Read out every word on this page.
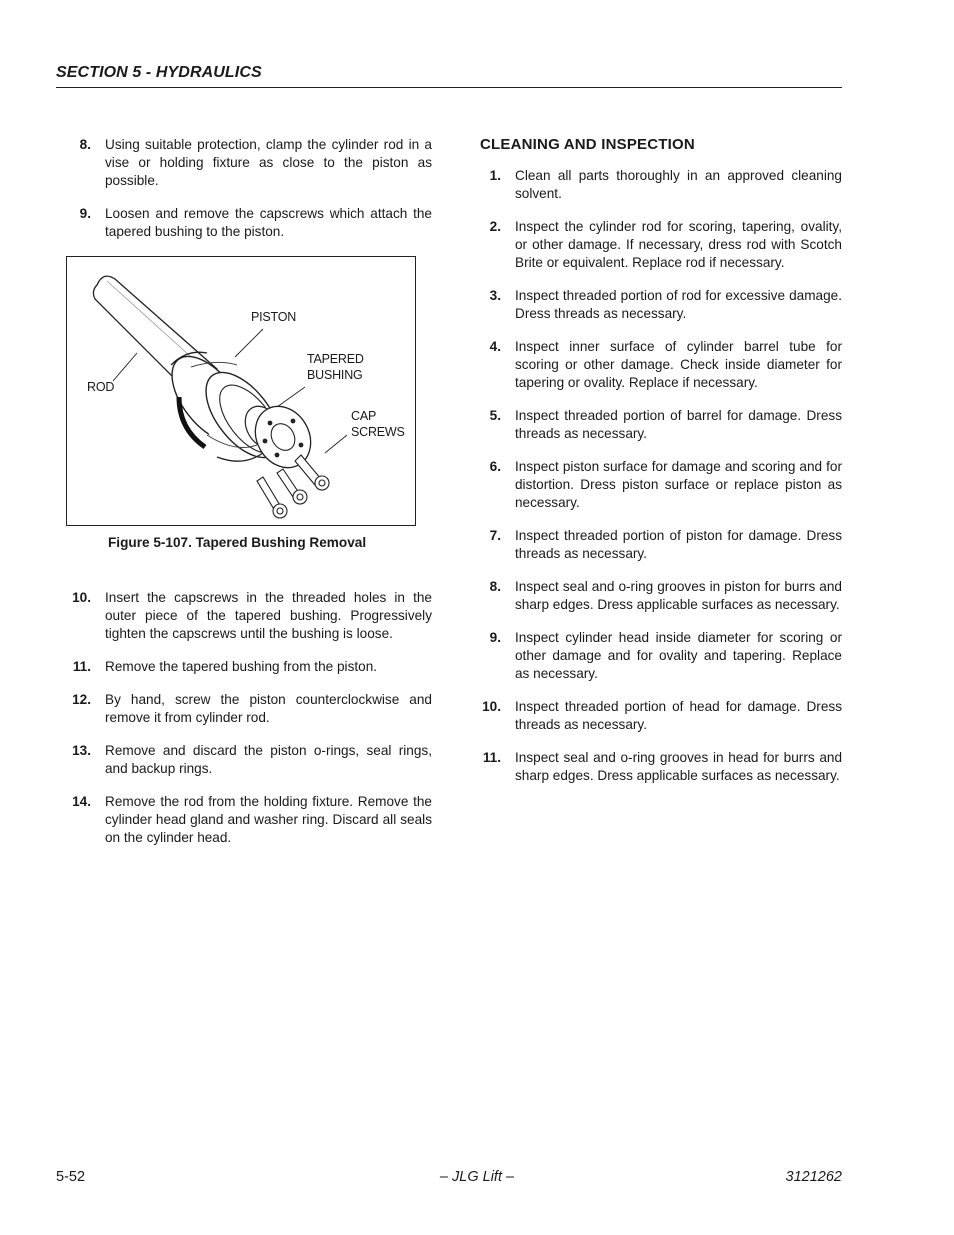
SECTION 5 - HYDRAULICS
8.	Using suitable protection, clamp the cylinder rod in a vise or holding fixture as close to the piston as possible.
9.	Loosen and remove the capscrews which attach the tapered bushing to the piston.
PISTON
TAPERED
BUSHING
ROD
CAP
SCREWS
Figure 5-107. Tapered Bushing Removal
10.	Insert the capscrews in the threaded holes in the outer piece of the tapered bushing. Progressively tighten the capscrews until the bushing is loose.
11.	Remove the tapered bushing from the piston.
12.	By hand, screw the piston counterclockwise and remove it from cylinder rod.
13.	Remove and discard the piston o-rings, seal rings, and backup rings.
14.	Remove the rod from the holding fixture. Remove the cylinder head gland and washer ring. Discard all seals on the cylinder head.
CLEANING AND INSPECTION
1.	Clean all parts thoroughly in an approved cleaning solvent.
2.	Inspect the cylinder rod for scoring, tapering, ovality, or other damage. If necessary, dress rod with Scotch Brite or equivalent. Replace rod if necessary.
3.	Inspect threaded portion of rod for excessive damage. Dress threads as necessary.
4.	Inspect inner surface of cylinder barrel tube for scoring or other damage. Check inside diameter for tapering or ovality. Replace if necessary.
5.	Inspect threaded portion of barrel for damage. Dress threads as necessary.
6.	Inspect piston surface for damage and scoring and for distortion. Dress piston surface or replace piston as necessary.
7.	Inspect threaded portion of piston for damage. Dress threads as necessary.
8.	Inspect seal and o-ring grooves in piston for burrs and sharp edges. Dress applicable surfaces as necessary.
9.	Inspect cylinder head inside diameter for scoring or other damage and for ovality and tapering. Replace as necessary.
10.	Inspect threaded portion of head for damage. Dress threads as necessary.
11.	Inspect seal and o-ring grooves in head for burrs and sharp edges. Dress applicable surfaces as necessary.
5-52	– JLG Lift –	3121262
